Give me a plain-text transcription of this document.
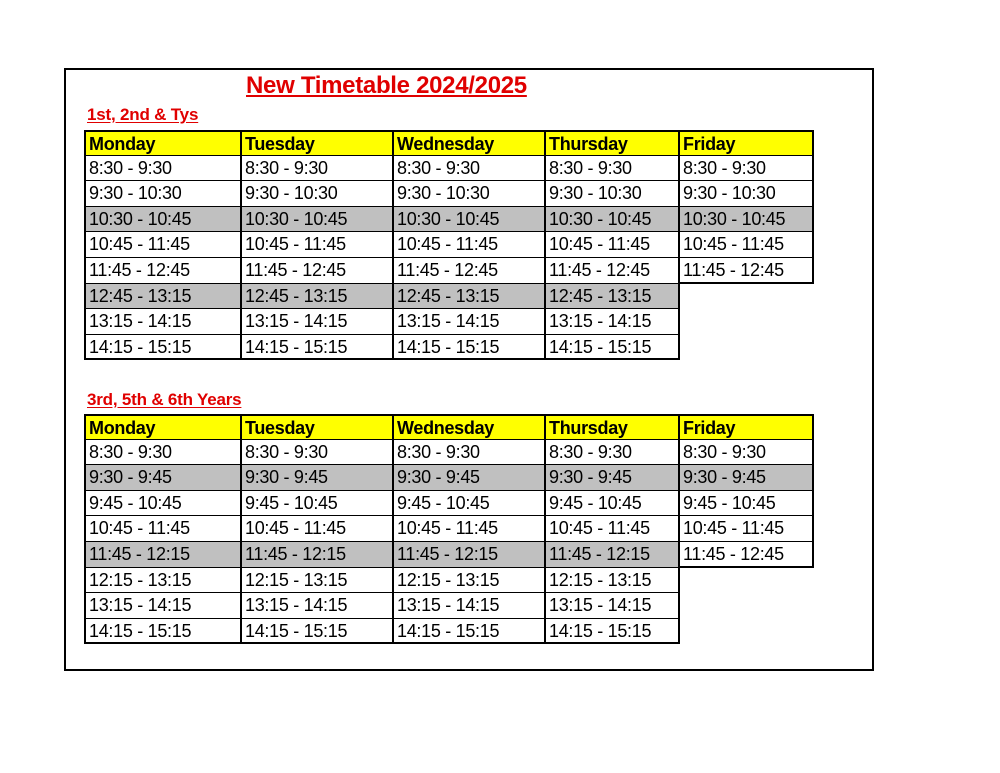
New Timetable 2024/2025
1st, 2nd & Tys
Monday
8:30 - 9:30
9:30 - 10:30
10:30 - 10:45
10:45 - 11:45
11:45 - 12:45
12:45 - 13:15
13:15 - 14:15
14:15 - 15:15
Tuesday
8:30 - 9:30
9:30 - 10:30
10:30 - 10:45
10:45 - 11:45
11:45 - 12:45
12:45 - 13:15
13:15 - 14:15
14:15 - 15:15
Wednesday
8:30 - 9:30
9:30 - 10:30
10:30 - 10:45
10:45 - 11:45
11:45 - 12:45
12:45 - 13:15
13:15 - 14:15
14:15 - 15:15
Thursday
8:30 - 9:30
9:30 - 10:30
10:30 - 10:45
10:45 - 11:45
11:45 - 12:45
12:45 - 13:15
13:15 - 14:15
14:15 - 15:15
Friday
8:30 - 9:30
9:30 - 10:30
10:30 - 10:45
10:45 - 11:45
11:45 - 12:45
3rd, 5th & 6th Years
Monday
8:30 - 9:30
9:30 - 9:45
9:45 - 10:45
10:45 - 11:45
11:45 - 12:15
12:15 - 13:15
13:15 - 14:15
14:15 - 15:15
Tuesday
8:30 - 9:30
9:30 - 9:45
9:45 - 10:45
10:45 - 11:45
11:45 - 12:15
12:15 - 13:15
13:15 - 14:15
14:15 - 15:15
Wednesday
8:30 - 9:30
9:30 - 9:45
9:45 - 10:45
10:45 - 11:45
11:45 - 12:15
12:15 - 13:15
13:15 - 14:15
14:15 - 15:15
Thursday
8:30 - 9:30
9:30 - 9:45
9:45 - 10:45
10:45 - 11:45
11:45 - 12:15
12:15 - 13:15
13:15 - 14:15
14:15 - 15:15
Friday
8:30 - 9:30
9:30 - 9:45
9:45 - 10:45
10:45 - 11:45
11:45 - 12:45
